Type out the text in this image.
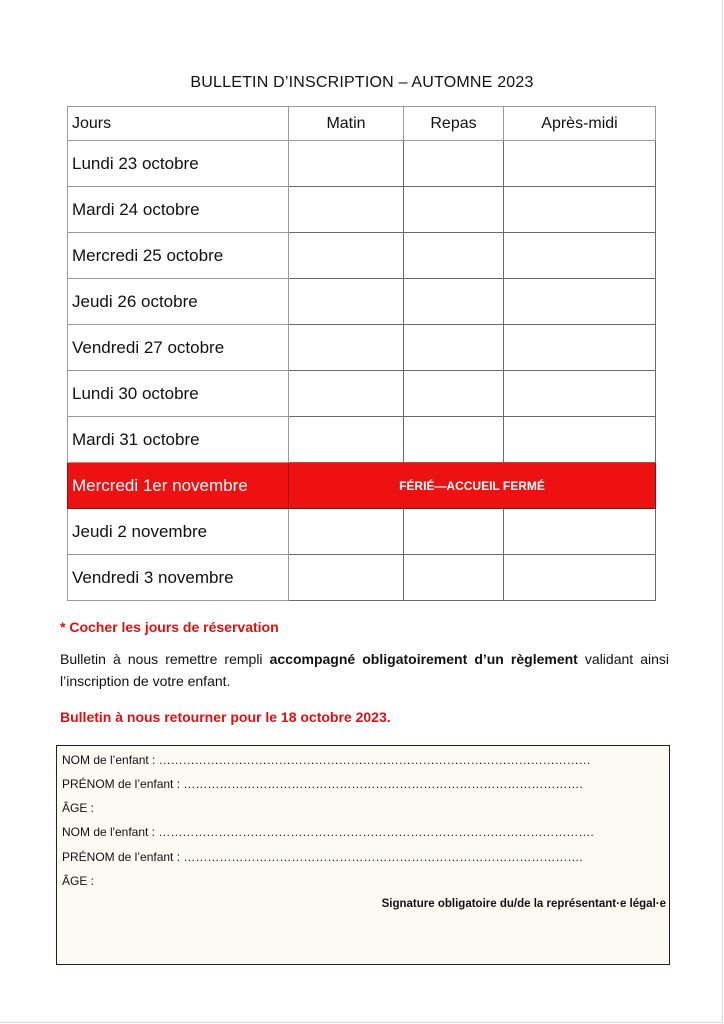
BULLETIN D’INSCRIPTION – AUTOMNE 2023
Jours	Matin	Repas	Après-midi
Lundi 23 octobre			
Mardi 24 octobre			
Mercredi 25 octobre			
Jeudi 26 octobre			
Vendredi 27 octobre			
Lundi 30 octobre			
Mardi 31 octobre			
Mercredi 1er novembre	FÉRIÉ—ACCUEIL FERMÉ		
Jeudi 2 novembre			
Vendredi 3 novembre			
* Cocher les jours de réservation
Bulletin à nous remettre rempli accompagné obligatoirement d’un règlement validant ainsi l’inscription de votre enfant.
Bulletin à nous retourner pour le 18 octobre 2023.
NOM de l’enfant : ………………………………………………………………………………………………
PRÉNOM de l’enfant : ……………………………………………………………………………………….
ÂGE :
NOM de l'enfant : ……………………………………………………………………………………………….
PRÉNOM de l’enfant : ……………………………………………………………………………………….
ÂGE :
Signature obligatoire du/de la représentant·e légal·e
